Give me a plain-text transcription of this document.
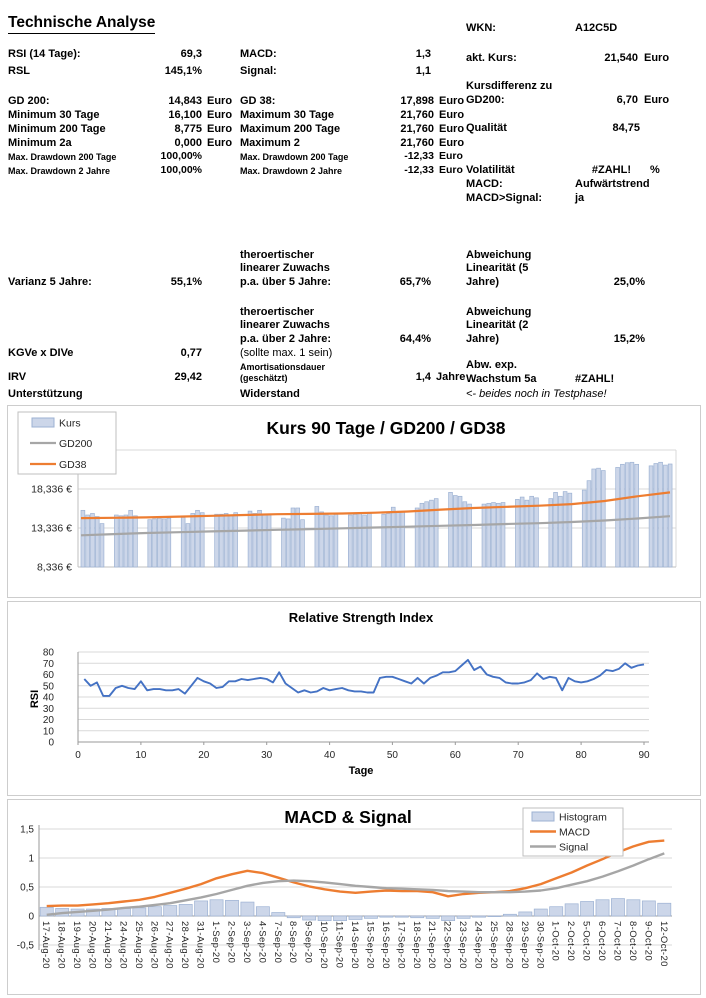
Technische Analyse	WKN:	A12C5D
RSI (14 Tage):	69,3
RSL	145,1%
GD 200:	14,843 Euro
Minimum 30 Tage	16,100 Euro
Minimum 200 Tage	8,775 Euro
Minimum 2a	0,000 Euro
Max. Drawdown 200 Tage	100,00%
Max. Drawdown 2 Jahre	100,00%
MACD:	1,3
Signal:	1,1
GD 38:	17,898 Euro
Maximum 30 Tage	21,760 Euro
Maximum 200 Tage	21,760 Euro
Maximum 2	21,760 Euro
Max. Drawdown 200 Tage	-12,33 Euro
Max. Drawdown 2 Jahre	-12,33 Euro
akt. Kurs:	21,540 Euro
Kursdifferenz zu
GD200:	6,70 Euro
Qualität	84,75
Volatilität	#ZAHL! %
MACD:	Aufwärtstrend
MACD>Signal:	ja
theroertischer
linearer Zuwachs
p.a. über 5 Jahre:	65,7%
Varianz 5 Jahre:	55,1%
Abweichung
Linearität (5
Jahre)	25,0%
theroertischer
linearer Zuwachs
p.a. über 2 Jahre:	64,4%
(sollte max. 1 sein)
KGVe x DIVe	0,77
Abweichung
Linearität (2
Jahre)	15,2%
Amortisationsdauer
(geschätzt)	1,4 Jahre
IRV	29,42
Abw. exp.
Wachstum 5a	#ZAHL!
Unterstützung	Widerstand	<- beides noch in Testphase!
18,336 €
13,336 €
8,336 €
Kurs 90 Tage / GD200 / GD38
Kurs
GD200
GD38
0
10
20
30
40
50
60
70
80
0	10	20	30	40	50	60	70	80	90
Relative Strength Index
RSI
Tage
1,5
1
0,5
0
-0,5 17-Aug-20 18-Aug-20 19-Aug-20 20-Aug-20 21-Aug-20 24-Aug-20 25-Aug-20 26-Aug-20 27-Aug-20 28-Aug-20 31-Aug-20 1-Sep-20 2-Sep-20 3-Sep-20 4-Sep-20 7-Sep-20 8-Sep-20 9-Sep-20 10-Sep-20 11-Sep-20 14-Sep-20 15-Sep-20 16-Sep-20 17-Sep-20 18-Sep-20 21-Sep-20 22-Sep-20 23-Sep-20 24-Sep-20 25-Sep-20 28-Sep-20 29-Sep-20 30-Sep-20 1-Oct-20 2-Oct-20 5-Oct-20 6-Oct-20 7-Oct-20 8-Oct-20 9-Oct-20 12-Oct-20
MACD & Signal	Histogram
MACD
Signal
